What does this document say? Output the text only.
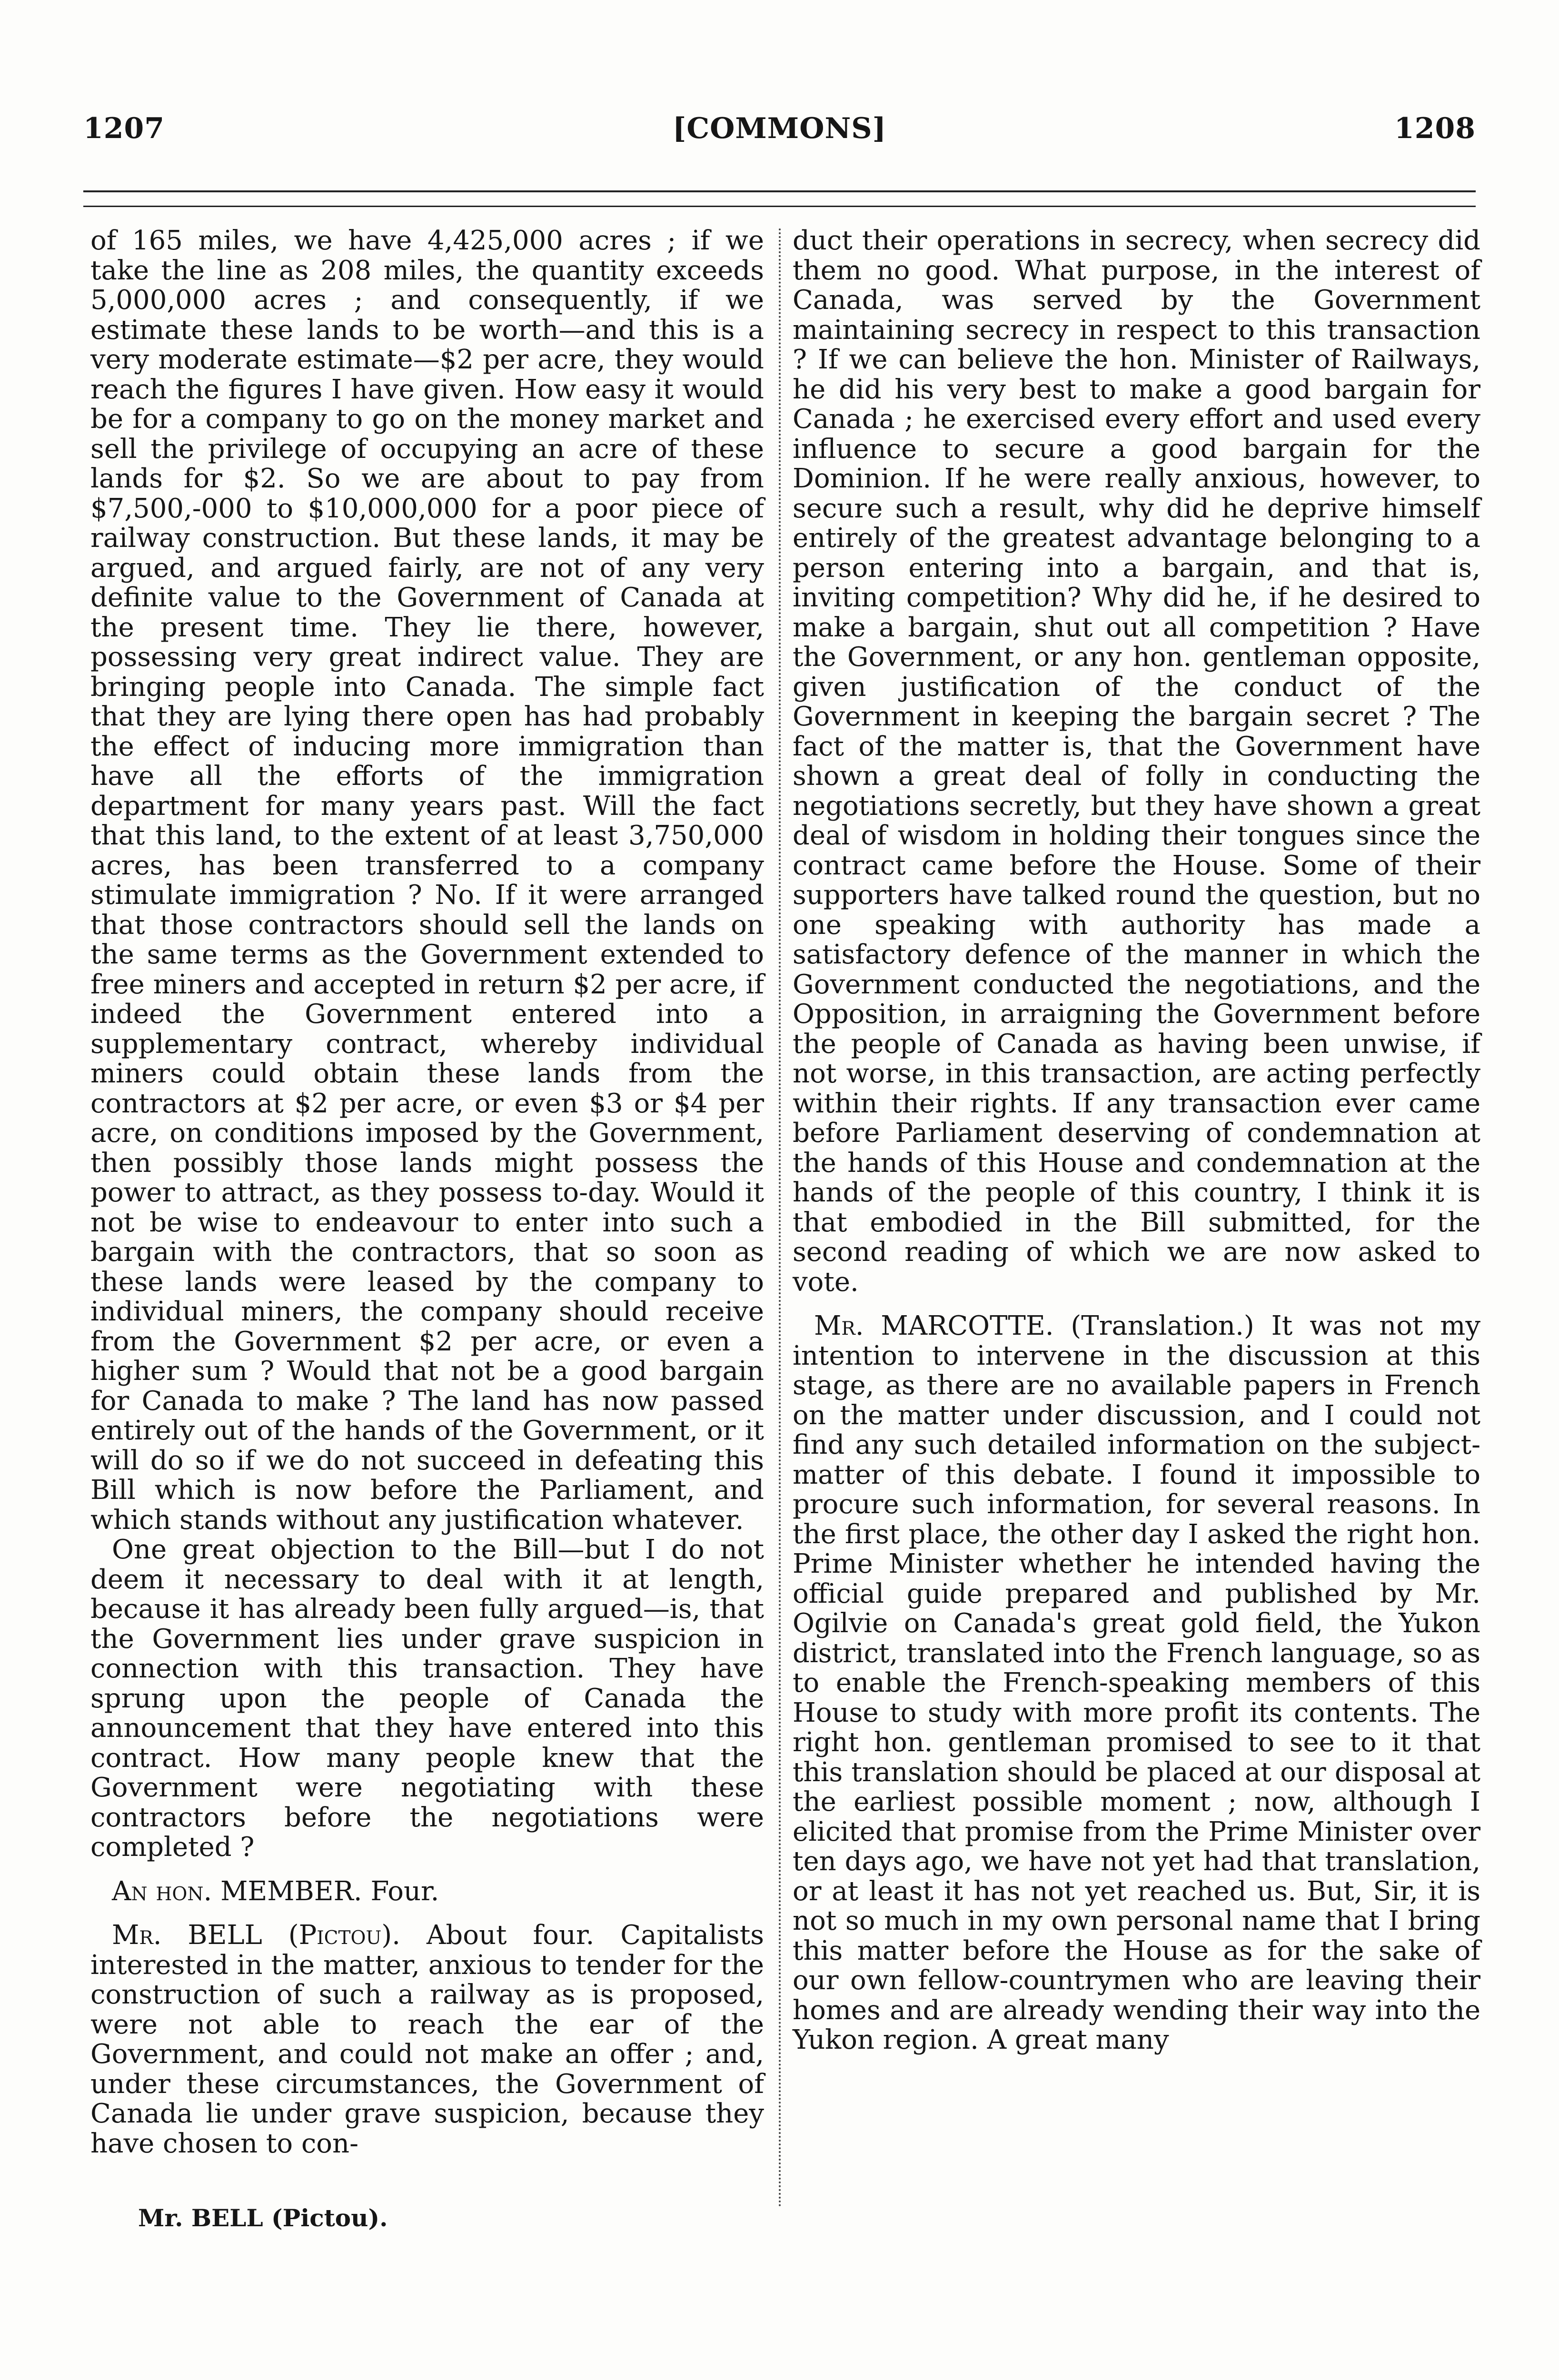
1207	[COMMONS]	1208

of 165 miles, we have 4,425,000 acres ; if we take the line as 208 miles, the quantity exceeds 5,000,000 acres ; and consequently, if we estimate these lands to be worth—and this is a very moderate estimate—$2 per acre, they would reach the figures I have given. How easy it would be for a company to go on the money market and sell the privilege of occupying an acre of these lands for $2. So we are about to pay from $7,500,-000 to $10,000,000 for a poor piece of railway construction. But these lands, it may be argued, and argued fairly, are not of any very definite value to the Government of Canada at the present time. They lie there, however, possessing very great indirect value. They are bringing people into Canada. The simple fact that they are lying there open has had probably the effect of inducing more immigration than have all the efforts of the immigration department for many years past. Will the fact that this land, to the extent of at least 3,750,000 acres, has been transferred to a company stimulate immigration ? No. If it were arranged that those contractors should sell the lands on the same terms as the Government extended to free miners and accepted in return $2 per acre, if indeed the Government entered into a supplementary contract, whereby individual miners could obtain these lands from the contractors at $2 per acre, or even $3 or $4 per acre, on conditions imposed by the Government, then possibly those lands might possess the power to attract, as they possess to-day. Would it not be wise to endeavour to enter into such a bargain with the contractors, that so soon as these lands were leased by the company to individual miners, the company should receive from the Government $2 per acre, or even a higher sum ? Would that not be a good bargain for Canada to make ? The land has now passed entirely out of the hands of the Government, or it will do so if we do not succeed in defeating this Bill which is now before the Parliament, and which stands without any justification whatever.

One great objection to the Bill—but I do not deem it necessary to deal with it at length, because it has already been fully argued—is, that the Government lies under grave suspicion in connection with this transaction. They have sprung upon the people of Canada the announcement that they have entered into this contract. How many people knew that the Government were negotiating with these contractors before the negotiations were completed ?

An hon. MEMBER. Four.

Mr. BELL (Pictou). About four. Capitalists interested in the matter, anxious to tender for the construction of such a railway as is proposed, were not able to reach the ear of the Government, and could not make an offer ; and, under these circumstances, the Government of Canada lie under grave suspicion, because they have chosen to con-

duct their operations in secrecy, when secrecy did them no good. What purpose, in the interest of Canada, was served by the Government maintaining secrecy in respect to this transaction ? If we can believe the hon. Minister of Railways, he did his very best to make a good bargain for Canada ; he exercised every effort and used every influence to secure a good bargain for the Dominion. If he were really anxious, however, to secure such a result, why did he deprive himself entirely of the greatest advantage belonging to a person entering into a bargain, and that is, inviting competition? Why did he, if he desired to make a bargain, shut out all competition ? Have the Government, or any hon. gentleman opposite, given justification of the conduct of the Government in keeping the bargain secret ? The fact of the matter is, that the Government have shown a great deal of folly in conducting the negotiations secretly, but they have shown a great deal of wisdom in holding their tongues since the contract came before the House. Some of their supporters have talked round the question, but no one speaking with authority has made a satisfactory defence of the manner in which the Government conducted the negotiations, and the Opposition, in arraigning the Government before the people of Canada as having been unwise, if not worse, in this transaction, are acting perfectly within their rights. If any transaction ever came before Parliament deserving of condemnation at the hands of this House and condemnation at the hands of the people of this country, I think it is that embodied in the Bill submitted, for the second reading of which we are now asked to vote.

Mr. MARCOTTE. (Translation.) It was not my intention to intervene in the discussion at this stage, as there are no available papers in French on the matter under discussion, and I could not find any such detailed information on the subject-matter of this debate. I found it impossible to procure such information, for several reasons. In the first place, the other day I asked the right hon. Prime Minister whether he intended having the official guide prepared and published by Mr. Ogilvie on Canada's great gold field, the Yukon district, translated into the French language, so as to enable the French-speaking members of this House to study with more profit its contents. The right hon. gentleman promised to see to it that this translation should be placed at our disposal at the earliest possible moment ; now, although I elicited that promise from the Prime Minister over ten days ago, we have not yet had that translation, or at least it has not yet reached us. But, Sir, it is not so much in my own personal name that I bring this matter before the House as for the sake of our own fellow-countrymen who are leaving their homes and are already wending their way into the Yukon region. A great many

Mr. BELL (Pictou).
